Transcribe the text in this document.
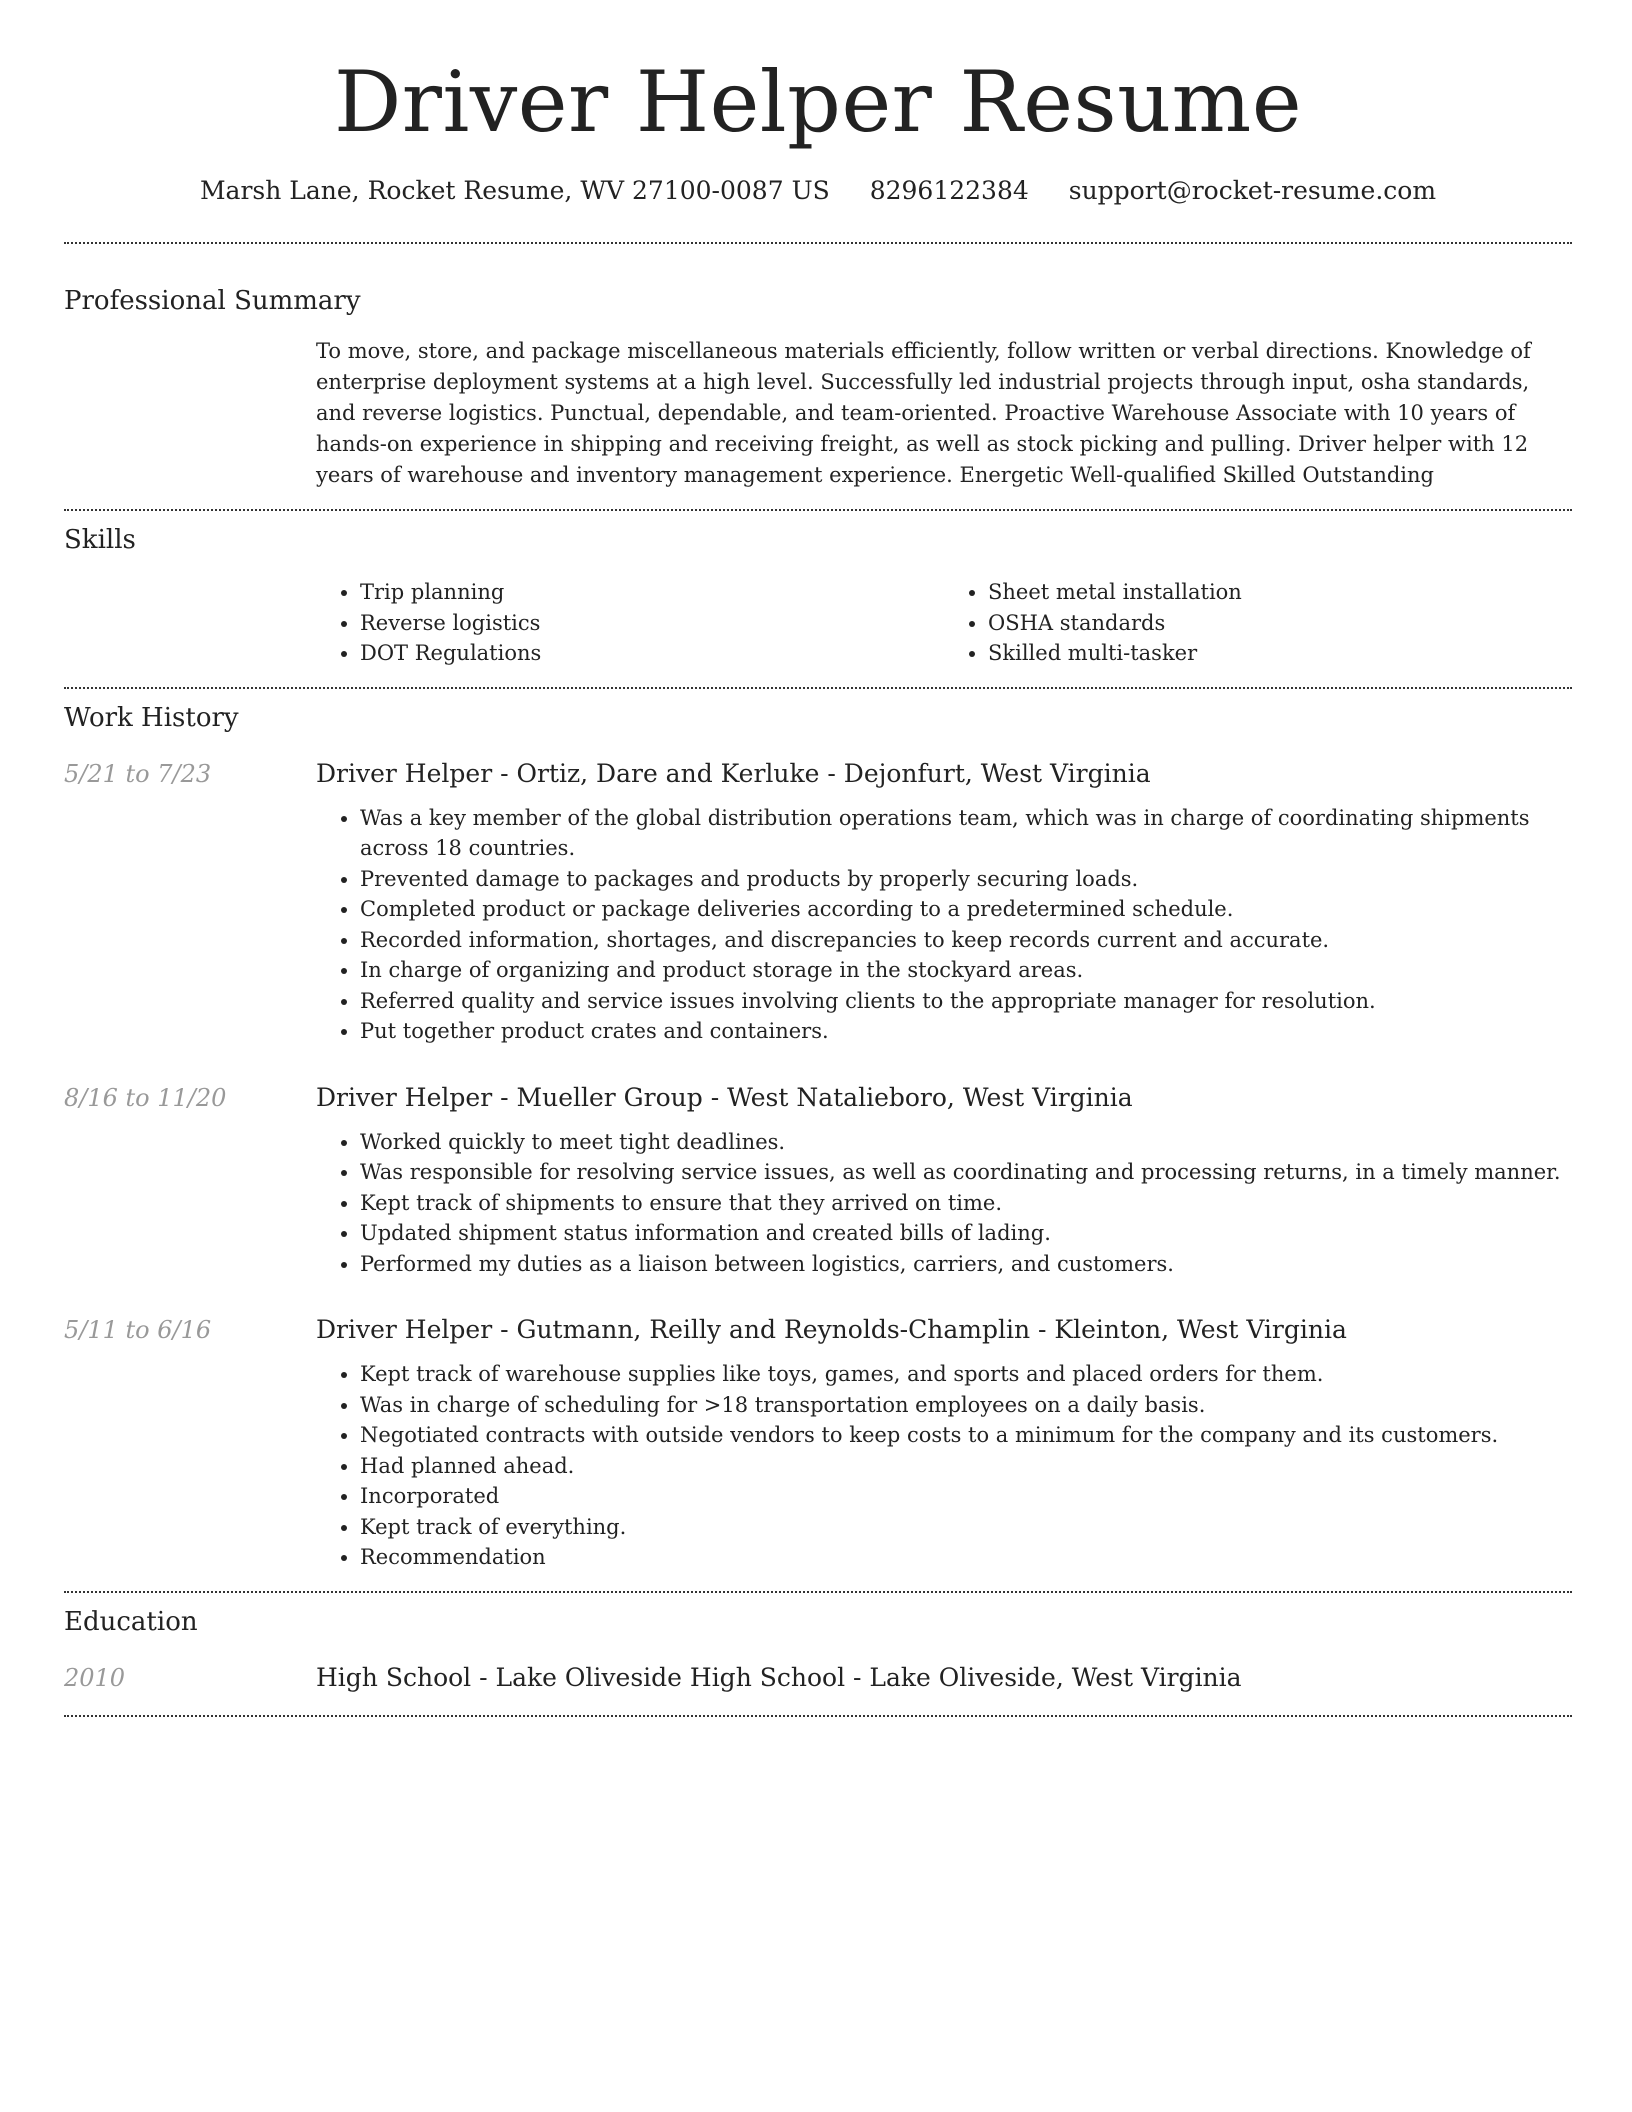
Driver Helper Resume
Marsh Lane, Rocket Resume, WV 27100-0087 US 8296122384 support@rocket-resume.com
Professional Summary

To move, store, and package miscellaneous materials efficiently, follow written or verbal directions. Knowledge of enterprise deployment systems at a high level. Successfully led industrial projects through input, osha standards, and reverse logistics. Punctual, dependable, and team-oriented. Proactive Warehouse Associate with 10 years of hands-on experience in shipping and receiving freight, as well as stock picking and pulling. Driver helper with 12 years of warehouse and inventory management experience. Energetic Well-qualified Skilled Outstanding

Skills
• Trip planning
• Reverse logistics
• DOT Regulations
• Sheet metal installation
• OSHA standards
• Skilled multi-tasker
Work History
5/21 to 7/23	Driver Helper - Ortiz, Dare and Kerluke - Dejonfurt, West Virginia
• Was a key member of the global distribution operations team, which was in charge of coordinating shipments across 18 countries.
• Prevented damage to packages and products by properly securing loads.
• Completed product or package deliveries according to a predetermined schedule.
• Recorded information, shortages, and discrepancies to keep records current and accurate.
• In charge of organizing and product storage in the stockyard areas.
• Referred quality and service issues involving clients to the appropriate manager for resolution.
• Put together product crates and containers.
8/16 to 11/20	Driver Helper - Mueller Group - West Natalieboro, West Virginia
• Worked quickly to meet tight deadlines.
• Was responsible for resolving service issues, as well as coordinating and processing returns, in a timely manner.
• Kept track of shipments to ensure that they arrived on time.
• Updated shipment status information and created bills of lading.
• Performed my duties as a liaison between logistics, carriers, and customers.
5/11 to 6/16	Driver Helper - Gutmann, Reilly and Reynolds-Champlin - Kleinton, West Virginia
• Kept track of warehouse supplies like toys, games, and sports and placed orders for them.
• Was in charge of scheduling for >18 transportation employees on a daily basis.
• Negotiated contracts with outside vendors to keep costs to a minimum for the company and its customers.
• Had planned ahead.
• Incorporated
• Kept track of everything.
• Recommendation
Education
2010	High School - Lake Oliveside High School - Lake Oliveside, West Virginia
